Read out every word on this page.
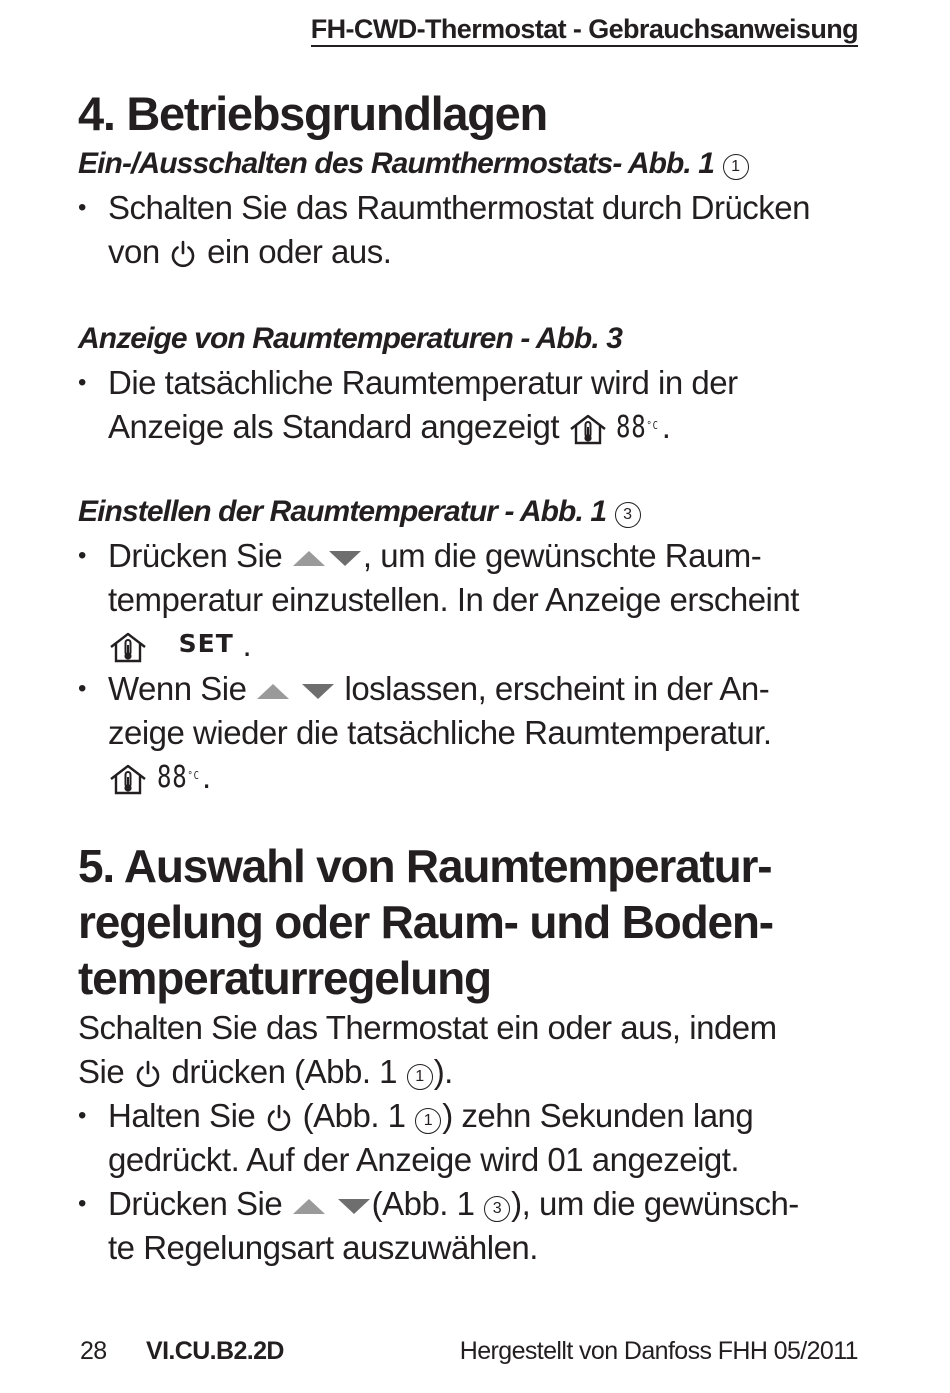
FH-CWD-Thermostat - Gebrauchsanweisung
4. Betriebsgrundlagen

Ein-/Ausschalten des Raumthermostats- Abb. 1 1

• Schalten Sie das Raumthermostat durch Drücken
von ein oder aus.

Anzeige von Raumtemperaturen - Abb. 3

• Die tatsächliche Raumtemperatur wird in der
Anzeige als Standard angezeigt $88^{^\circ C}$.

Einstellen der Raumtemperatur - Abb. 1 3

• Drücken Sie , um die gewünschte Raum-
temperatur einzustellen. In der Anzeige erscheint

SET .
• Wenn Sie
	loslassen, erscheint in der An-
zeige wieder die tatsächliche Raumtemperatur.

$88^{^\circ C}$.
5. Auswahl von Raumtemperatur-
regelung oder Raum- und Boden-
temperaturregelung

Schalten Sie das Thermostat ein oder aus, indem
Sie drücken (Abb. 1 1 ).

• Halten Sie (Abb. 1 1 ) zehn Sekunden lang
gedrückt. Auf der Anzeige wird 01 angezeigt.
• Drücken Sie
	(Abb. 1 3 ), um die gewünsch-
te Regelungsart auszuwählen.
28 VI.CU.B2.2D	Hergestellt von Danfoss FHH 05/2011
